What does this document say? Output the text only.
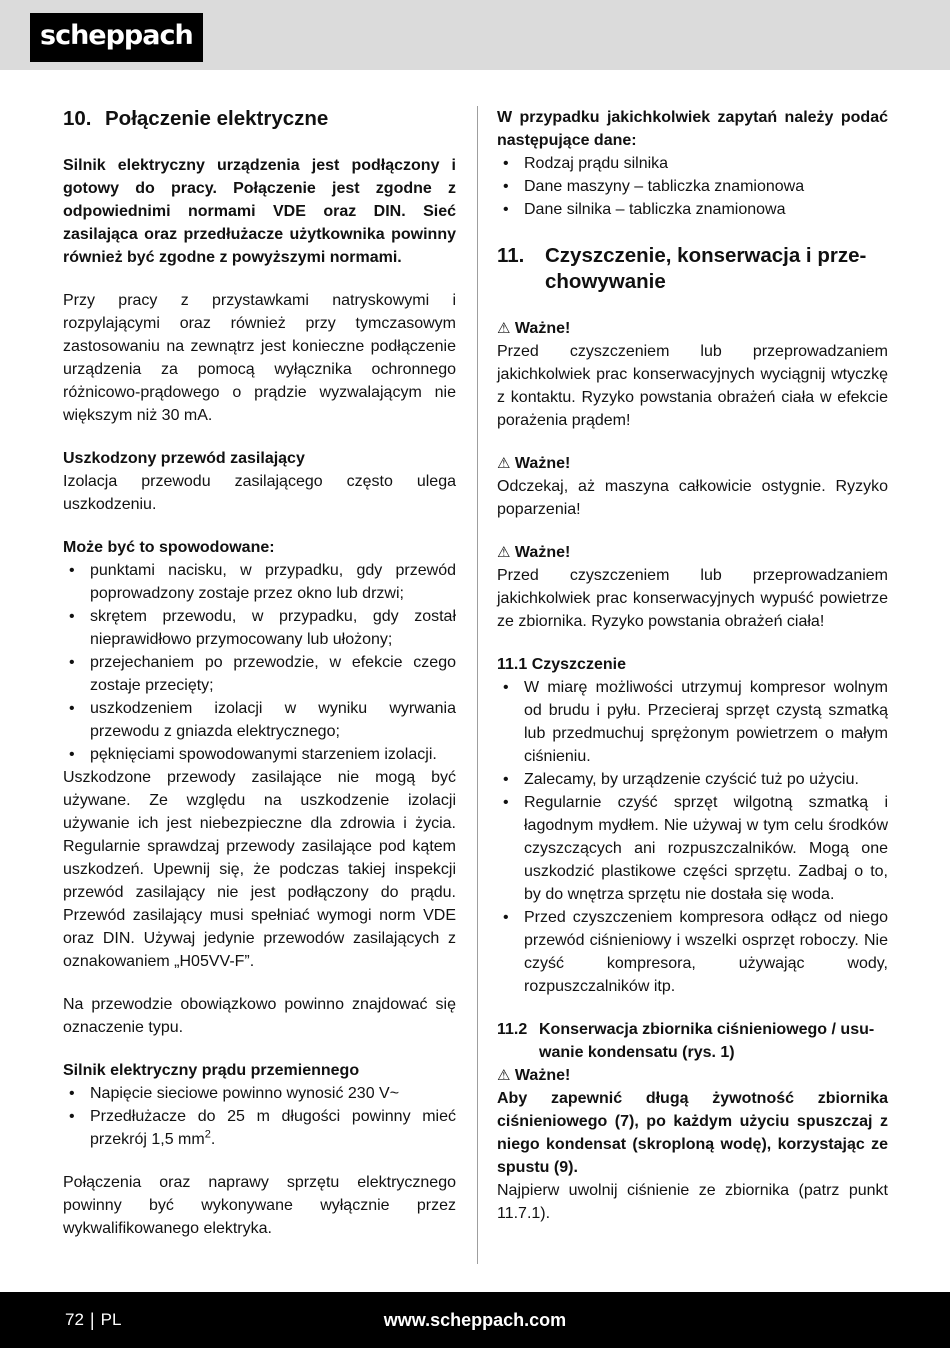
scheppach
10. Połączenie elektryczne

Silnik elektryczny urządzenia jest podłączony i gotowy do pracy. Połączenie jest zgodne z odpowiednimi normami VDE oraz DIN. Sieć zasilająca oraz przedłużacze użytkownika powinny również być zgodne z powyższymi normami.

Przy pracy z przystawkami natryskowymi i rozpylającymi oraz również przy tymczasowym zastosowaniu na zewnątrz jest konieczne podłączenie urządzenia za pomocą wyłącznika ochronnego różnicowo-prądowego o prądzie wyzwalającym nie większym niż 30 mA.

Uszkodzony przewód zasilający

Izolacja przewodu zasilającego często ulega uszkodzeniu.

Może być to spowodowane:

• punktami nacisku, w przypadku, gdy przewód poprowadzony zostaje przez okno lub drzwi;
• skrętem przewodu, w przypadku, gdy został nieprawidłowo przymocowany lub ułożony;
• przejechaniem po przewodzie, w efekcie czego zostaje przecięty;
• uszkodzeniem izolacji w wyniku wyrwania przewodu z gniazda elektrycznego;
• pęknięciami spowodowanymi starzeniem izolacji.

Uszkodzone przewody zasilające nie mogą być używane. Ze względu na uszkodzenie izolacji używanie ich jest niebezpieczne dla zdrowia i życia. Regularnie sprawdzaj przewody zasilające pod kątem uszkodzeń. Upewnij się, że podczas takiej inspekcji przewód zasilający nie jest podłączony do prądu. Przewód zasilający musi spełniać wymogi norm VDE oraz DIN. Używaj jedynie przewodów zasilających z oznakowaniem „H05VV-F”.

Na przewodzie obowiązkowo powinno znajdować się oznaczenie typu.

Silnik elektryczny prądu przemiennego

• Napięcie sieciowe powinno wynosić 230 V~
• Przedłużacze do 25 m długości powinny mieć przekrój 1,5 $mm^2$.

Połączenia oraz naprawy sprzętu elektrycznego powinny być wykonywane wyłącznie przez wykwalifikowanego elektryka.

W przypadku jakichkolwiek zapytań należy podać następujące dane:

• Rodzaj prądu silnika
• Dane maszyny – tabliczka znamionowa
• Dane silnika – tabliczka znamionowa
11.	Czyszczenie, konserwacja i prze-
chowywanie

⚠ Ważne!

Przed czyszczeniem lub przeprowadzaniem jakichkolwiek prac konserwacyjnych wyciągnij wtyczkę z kontaktu. Ryzyko powstania obrażeń ciała w efekcie porażenia prądem!

⚠ Ważne!

Odczekaj, aż maszyna całkowicie ostygnie. Ryzyko poparzenia!

⚠ Ważne!

Przed czyszczeniem lub przeprowadzaniem jakichkolwiek prac konserwacyjnych wypuść powietrze ze zbiornika. Ryzyko powstania obrażeń ciała!

11.1 Czyszczenie

• W miarę możliwości utrzymuj kompresor wolnym od brudu i pyłu. Przecieraj sprzęt czystą szmatką lub przedmuchuj sprężonym powietrzem o małym ciśnieniu.
• Zalecamy, by urządzenie czyścić tuż po użyciu.
• Regularnie czyść sprzęt wilgotną szmatką i łagodnym mydłem. Nie używaj w tym celu środków czyszczących ani rozpuszczalników. Mogą one uszkodzić plastikowe części sprzętu. Zadbaj o to, by do wnętrza sprzętu nie dostała się woda.
• Przed czyszczeniem kompresora odłącz od niego przewód ciśnieniowy i wszelki osprzęt roboczy. Nie czyść kompresora, używając wody, rozpuszczalników itp.
11.2 Konserwacja zbiornika ciśnieniowego / usu-
wanie kondensatu (rys. 1)

⚠ Ważne!

Aby zapewnić długą żywotność zbiornika ciśnieniowego (7), po każdym użyciu spuszczaj z niego kondensat (skroploną wodę), korzystając ze spustu (9).

Najpierw uwolnij ciśnienie ze zbiornika (patrz punkt 11.7.1).

72 | PL	www.scheppach.com
